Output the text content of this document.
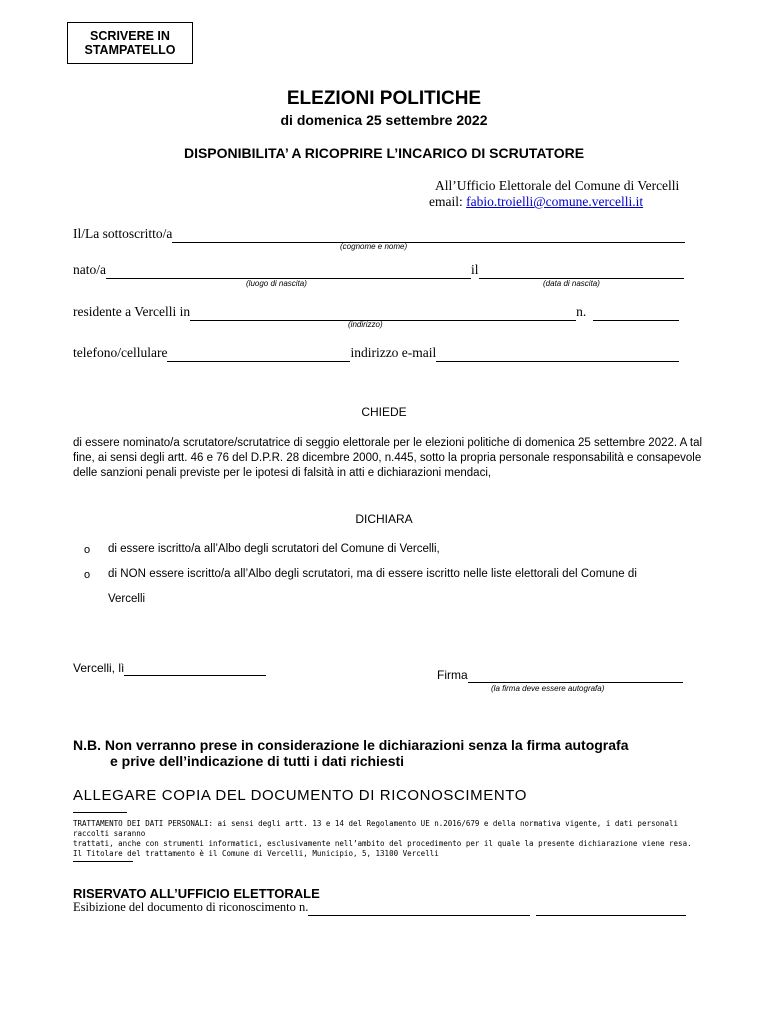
SCRIVERE IN
STAMPATELLO
ELEZIONI POLITICHE
di domenica 25 settembre 2022
DISPONIBILITA’ A RICOPRIRE L’INCARICO DI SCRUTATORE
All’Ufficio Elettorale del Comune di Vercelli
email: fabio.troielli@comune.vercelli.it
Il/La sottoscritto/a
(cognome e nome)
nato/a	il
(luogo di nascita)	(data di nascita)
residente a Vercelli in	n.
(indirizzo)
telefono/cellulare	indirizzo e-mail
CHIEDE
di essere nominato/a scrutatore/scrutatrice di seggio elettorale per le elezioni politiche di domenica 25 settembre 2022. A tal fine, ai sensi degli artt. 46 e 76 del D.P.R. 28 dicembre 2000, n.445, sotto la propria personale responsabilità e consapevole delle sanzioni penali previste per le ipotesi di falsità in atti e dichiarazioni mendaci,
DICHIARA
o di essere iscritto/a all’Albo degli scrutatori del Comune di Vercelli,
o di NON essere iscritto/a all’Albo degli scrutatori, ma di essere iscritto nelle liste elettorali del Comune di
Vercelli
Vercelli, lì	Firma
(la firma deve essere autografa)
N.B. Non verranno prese in considerazione le dichiarazioni senza la firma autografa
e prive dell’indicazione di tutti i dati richiesti
ALLEGARE COPIA DEL DOCUMENTO DI RICONOSCIMENTO
TRATTAMENTO DEI DATI PERSONALI: ai sensi degli artt. 13 e 14 del Regolamento UE n.2016/679 e della normativa vigente, i dati personali raccolti saranno
trattati, anche con strumenti informatici, esclusivamente nell’ambito del procedimento per il quale la presente dichiarazione viene resa.
Il Titolare del trattamento è il Comune di Vercelli, Municipio, 5, 13100 Vercelli
RISERVATO ALL’UFFICIO ELETTORALE
Esibizione del documento di riconoscimento n.
